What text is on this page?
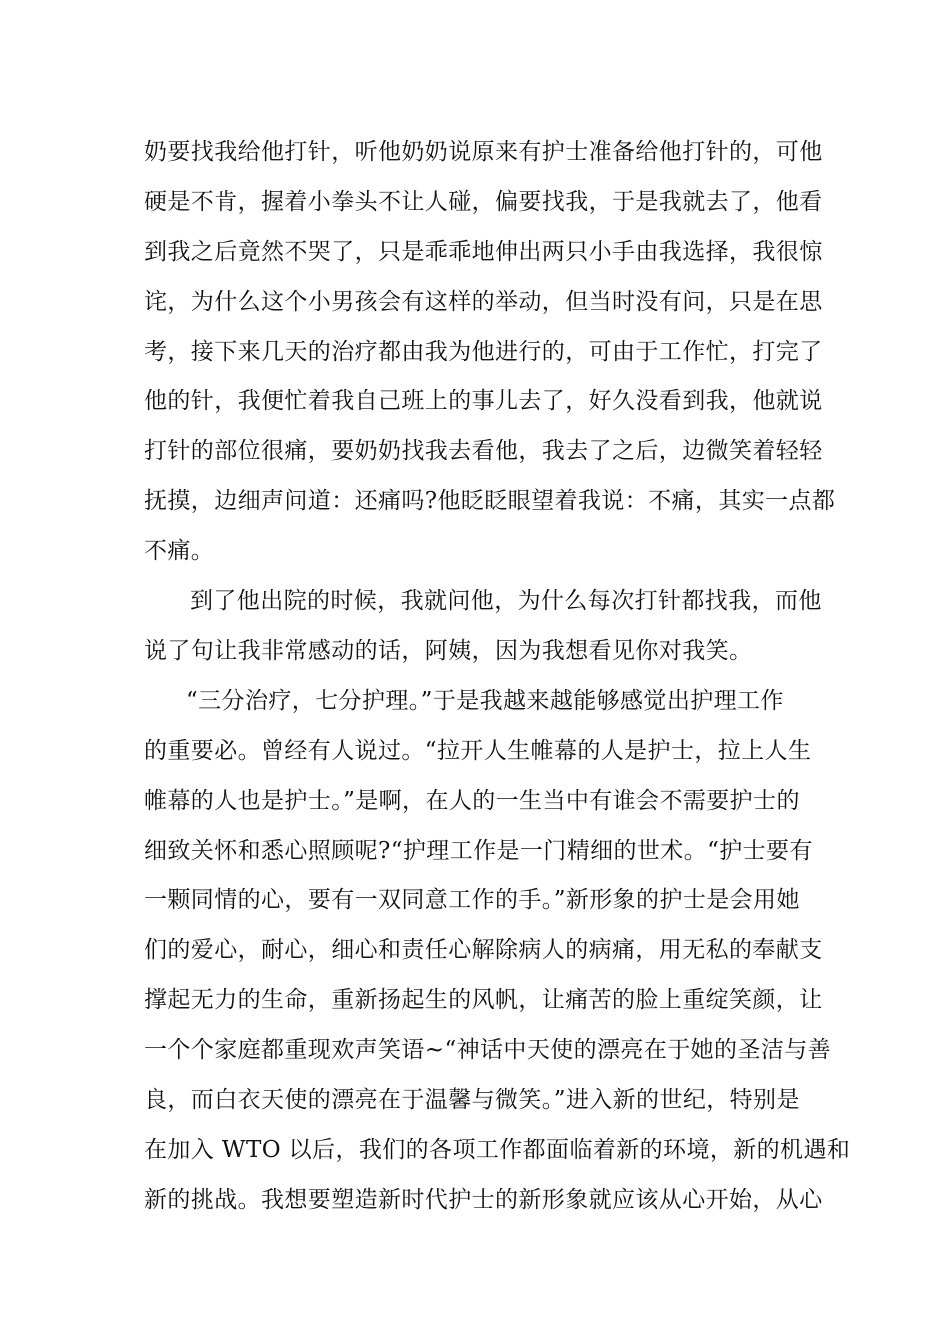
奶要找我给他打针，听他奶奶说原来有护士准备给他打针的，可他
硬是不肯，握着小拳头不让人碰，偏要找我，于是我就去了，他看
到我之后竟然不哭了，只是乖乖地伸出两只小手由我选择，我很惊
诧，为什么这个小男孩会有这样的举动，但当时没有问，只是在思
考，接下来几天的治疗都由我为他进行的，可由于工作忙，打完了
他的针，我便忙着我自己班上的事儿去了，好久没看到我，他就说
打针的部位很痛，要奶奶找我去看他，我去了之后，边微笑着轻轻
抚摸，边细声问道：还痛吗?他眨眨眼望着我说：不痛，其实一点都
不痛。
到了他出院的时候，我就问他，为什么每次打针都找我，而他
说了句让我非常感动的话，阿姨，因为我想看见你对我笑。
“三分治疗，七分护理。”于是我越来越能够感觉出护理工作
的重要必。曾经有人说过。“拉开人生帷幕的人是护士，拉上人生
帷幕的人也是护士。”是啊，在人的一生当中有谁会不需要护士的
细致关怀和悉心照顾呢?“护理工作是一门精细的世术。“护士要有
一颗同情的心，要有一双同意工作的手。”新形象的护士是会用她
们的爱心，耐心，细心和责任心解除病人的病痛，用无私的奉献支
撑起无力的生命，重新扬起生的风帆，让痛苦的脸上重绽笑颜，让
一个个家庭都重现欢声笑语~“神话中天使的漂亮在于她的圣洁与善
良，而白衣天使的漂亮在于温馨与微笑。”进入新的世纪，特别是
在加入 WTO 以后，我们的各项工作都面临着新的环境，新的机遇和
新的挑战。我想要塑造新时代护士的新形象就应该从心开始，从心
